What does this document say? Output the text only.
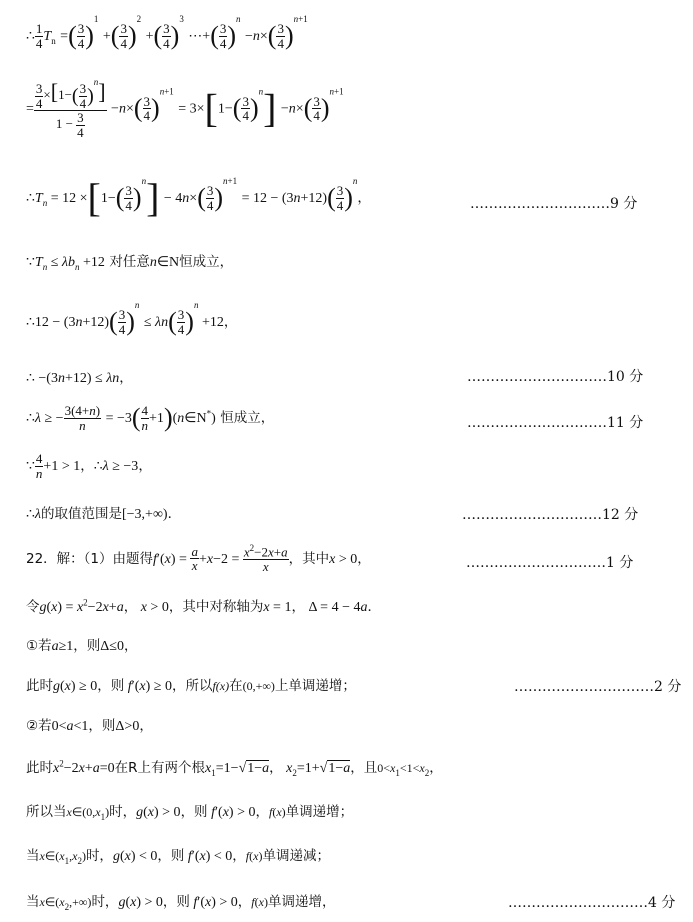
∴ $\frac{1}{4} T_n$ =( $\frac{3}{4} )^1$ +( $\frac{3}{4} )^2$ +( $\frac{3}{4} )^3$ ⋯+( $\frac{3}{4} )^n -n\times( \frac{3}{4} )^{n+1}$
= $\frac{\frac{3}{4} \times[1-( \frac{3}{4} )^n]}{1 - \frac{3}{4}} -n\times( \frac{3}{4} )^{n+1} = 3\times[1-( \frac{3}{4} )^n] -n\times( \frac{3}{4} )^{n+1}$
$\therefore T_n = 12 \times[1-( \frac{3}{4} )^n] - 4n\times( \frac{3}{4} )^{n+1} = 12 - (3n+12)( \frac{3}{4} )^n$，	…………………………9 分
$\because T_n \le \lambda b_n +12$ 对任意n∈N恒成立，
∴12 − $(3n+12)( \frac{3}{4} )^n \le \lambda n( \frac{3}{4} )^n +12$，
∴ −(3n+12) ≤ λn，	…………………………10 分
∴λ ≥ − $\frac{3(4+n)}{n} = -3( \frac{4}{n}$ +1)(n∈N*) 恒成立，	…………………………11 分
∵ $\frac{4}{n} +1 > 1$，∴λ ≥ −3，
∴λ的取值范围是[−3,+∞)．	…………………………12 分
22．解：（1）由题得$f'(x) = \frac{a}{x} +x-2 = \frac{x^2-2x+a}{x}$ ，其中x > 0，	…………………………1 分
令$g(x) = x^2-2x+a$， x > 0，其中对称轴为x = 1， Δ = 4 − 4a．
①若a≥1，则Δ≤0，
此时g(x) ≥ 0，则 f′(x) ≥ 0，所以f(x)在(0,+∞)上单调递增；	…………………………2 分
②若0<a<1，则Δ>0，
此时$x^2-2x+a=0$在R上有两个根$x_1=1-√1-a$， $x_2=1+√1-a$，且$0<x_1<1<x_2$，
所以当$x\in(0,x_1)$时，g(x) > 0，则 f′(x) > 0，f(x)单调递增；
当$x\in(x_1,x_2)$时，g(x) < 0，则 f′(x) < 0，f(x)单调递减；
当$x\in(x_2,+\infty)$时，g(x) > 0，则 f′(x) > 0，f(x)单调递增，	…………………………4 分
